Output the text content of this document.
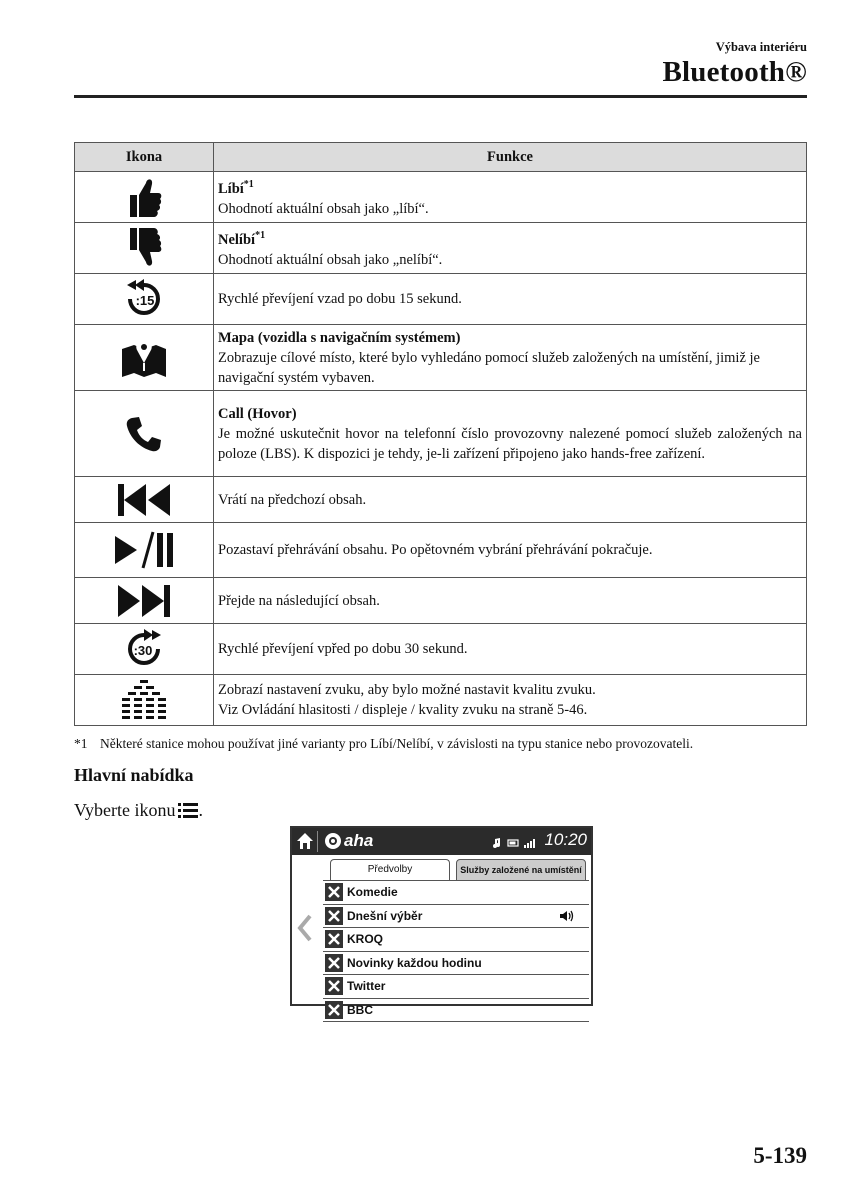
Výbava interiéru
Bluetooth®
Ikona	Funkce

Líbí$^{*1}$
Ohodnotí aktuální obsah jako „líbí“.

Nelíbí$^{*1}$
Ohodnotí aktuální obsah jako „nelíbí“.

:15	Rychlé převíjení vzad po dobu 15 sekund.

Mapa (vozidla s navigačním systémem)
Zobrazuje cílové místo, které bylo vyhledáno pomocí služeb založených na umístění, jimiž je navigační systém vybaven.

Call (Hovor)
Je možné uskutečnit hovor na telefonní číslo provozovny nalezené pomocí služeb založených na poloze (LBS). K dispozici je tehdy, je-li zařízení připojeno jako hands-free zařízení.

Vrátí na předchozí obsah.

Pozastaví přehrávání obsahu. Po opětovném vybrání přehrávání pokračuje.

Přejde na následující obsah.

:30	Rychlé převíjení vpřed po dobu 30 sekund.

Zobrazí nastavení zvuku, aby bylo možné nastavit kvalitu zvuku.
Viz Ovládání hlasitosti / displeje / kvality zvuku na straně 5-46.
*1 Některé stanice mohou používat jiné varianty pro Líbí/Nelíbí, v závislosti na typu stanice nebo provozovateli.
Hlavní nabídka
Vyberte ikonu .
aha	10:20
Předvolby	Služby založené na umístění
Komedie
Dnešní výběr
KROQ
Novinky každou hodinu
Twitter
BBC
5-139
